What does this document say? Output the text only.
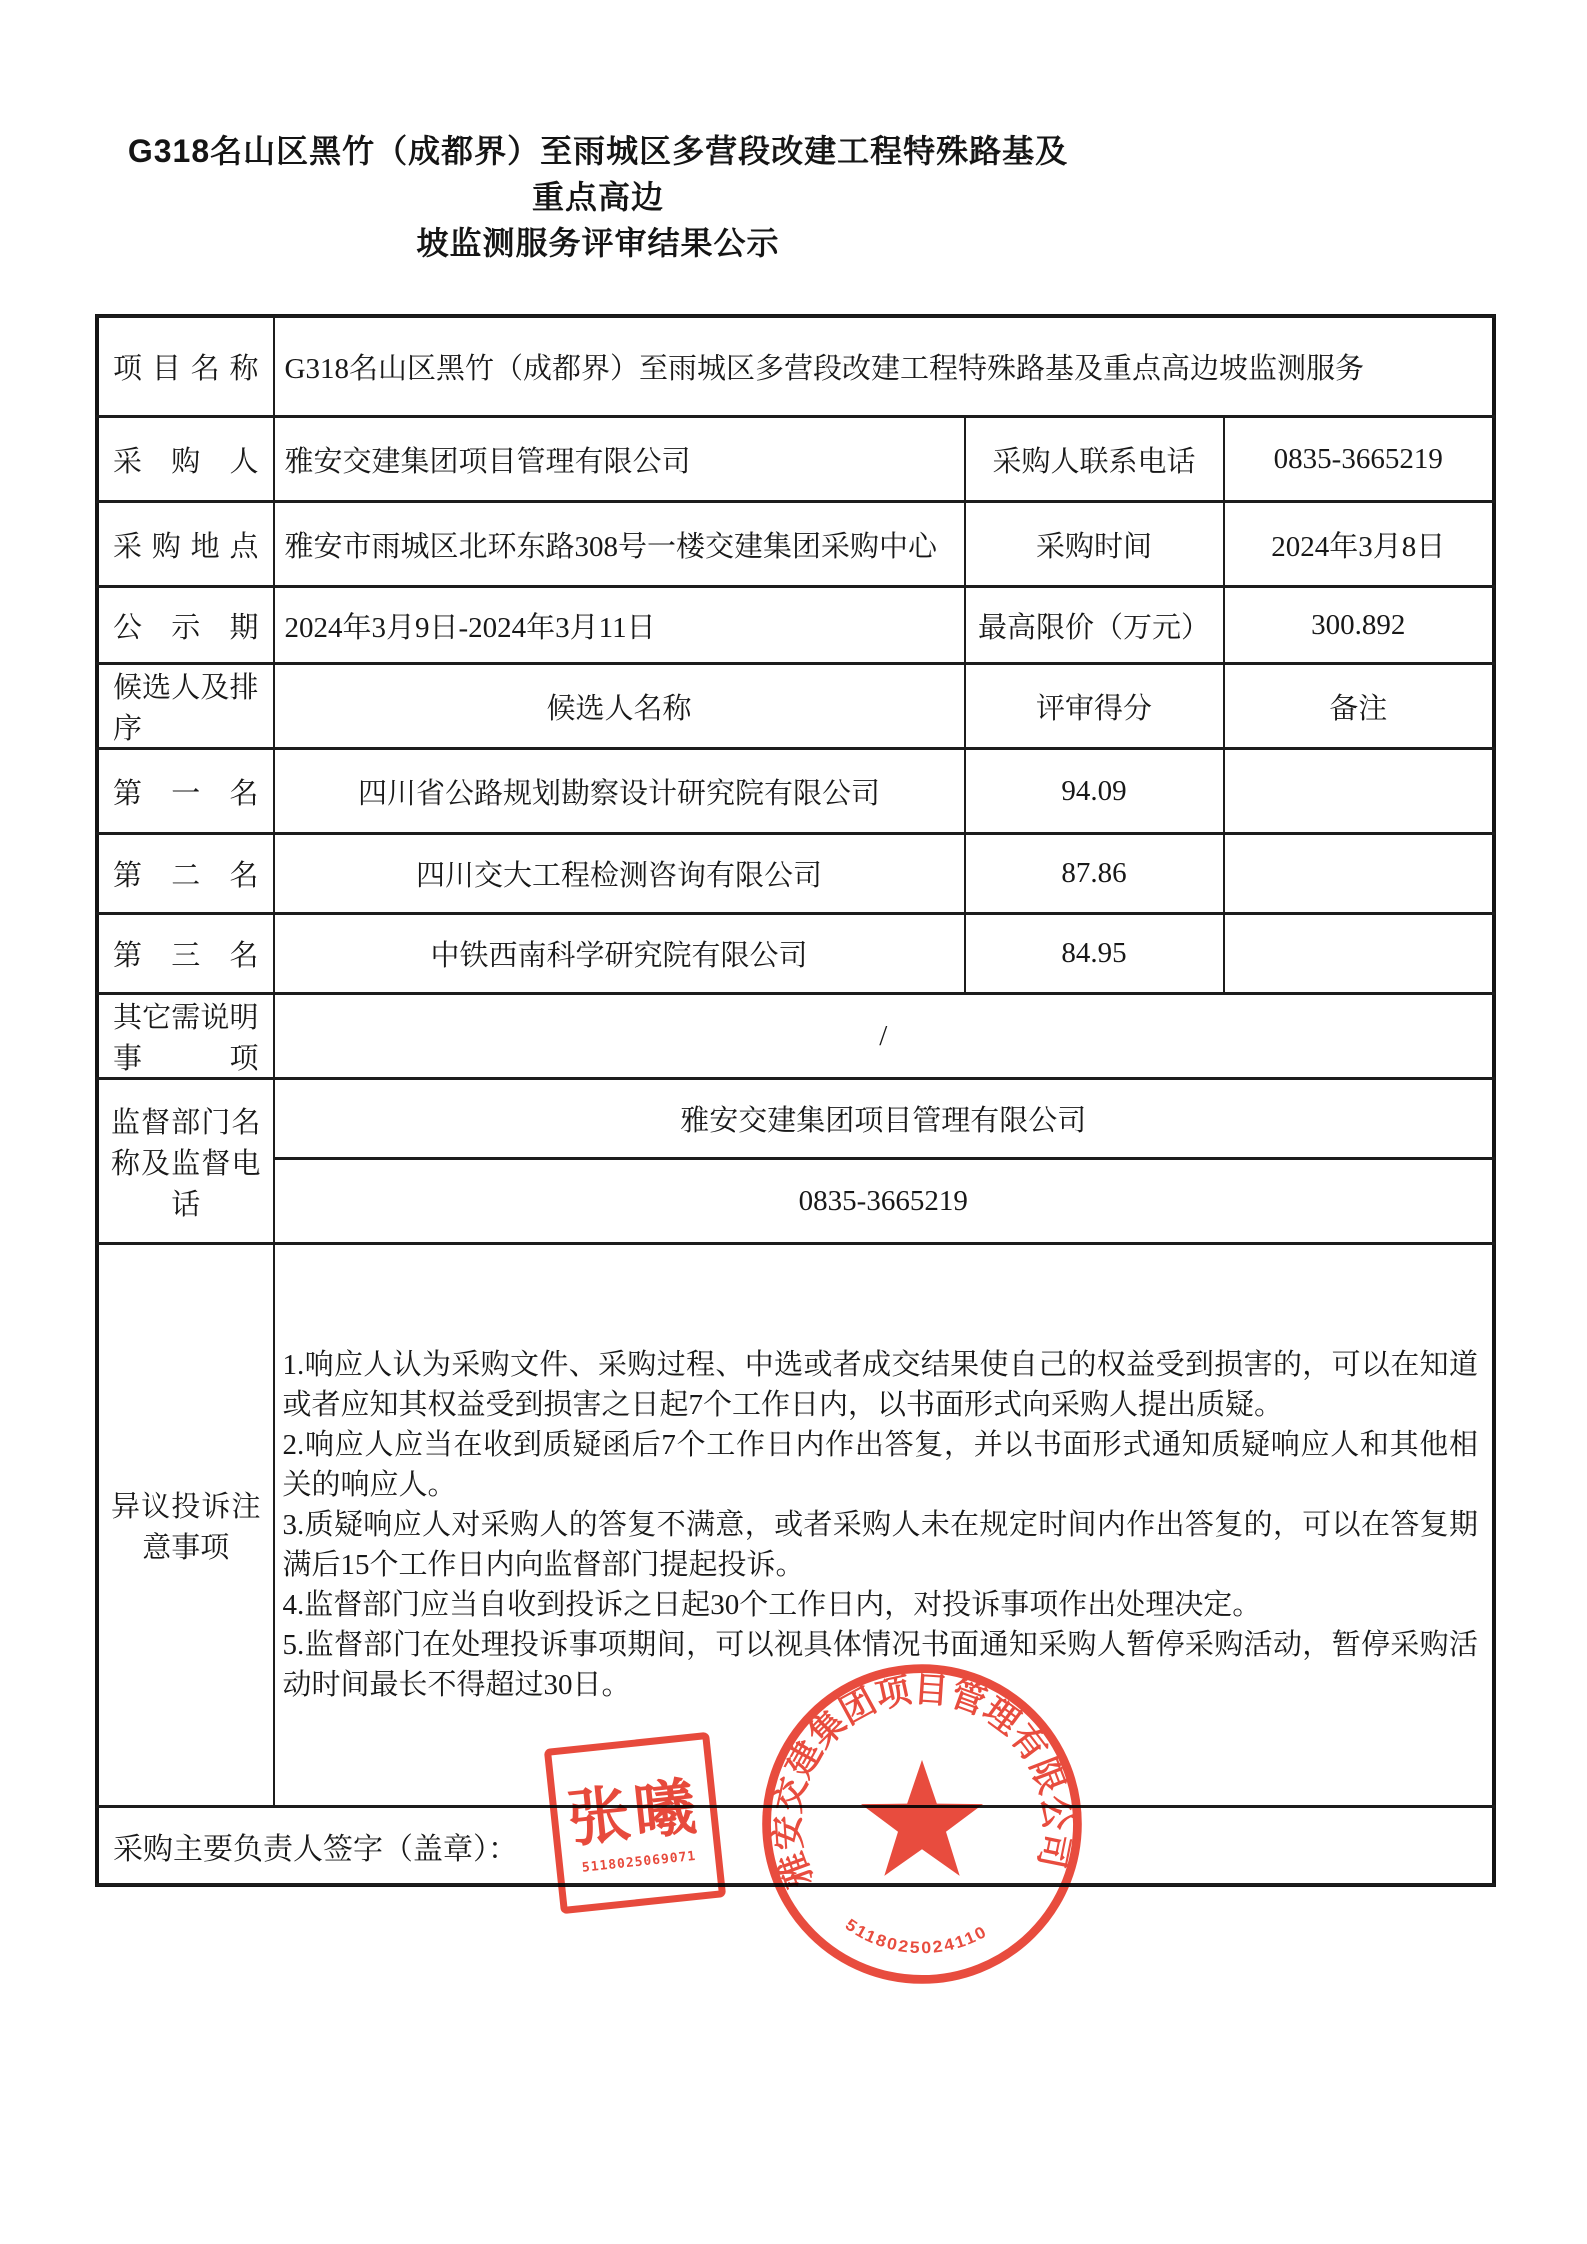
G318名山区黑竹（成都界）至雨城区多营段改建工程特殊路基及重点高边
坡监测服务评审结果公示
项目名称	G318名山区黑竹（成都界）至雨城区多营段改建工程特殊路基及重点高边坡监测服务		
采购人	雅安交建集团项目管理有限公司	采购人联系电话	0835-3665219
采购地点	雅安市雨城区北环东路308号一楼交建集团采购中心	采购时间	2024年3月8日
公示期	2024年3月9日-2024年3月11日	最高限价（万元）	300.892
候选人及排序	候选人名称	评审得分	备注
第一名	四川省公路规划勘察设计研究院有限公司	94.09	
第二名	四川交大工程检测咨询有限公司	87.86	
第三名	中铁西南科学研究院有限公司	84.95	
其它需说明事项	/		
监督部门名称及监督电话	雅安交建集团项目管理有限公司		
	0835-3665219		
异议投诉注意事项	1.响应人认为采购文件、采购过程、中选或者成交结果使自己的权益受到损害的，可以在知道或者应知其权益受到损害之日起7个工作日内，以书面形式向采购人提出质疑。

2.响应人应当在收到质疑函后7个工作日内作出答复，并以书面形式通知质疑响应人和其他相关的响应人。

3.质疑响应人对采购人的答复不满意，或者采购人未在规定时间内作出答复的，可以在答复期满后15个工作日内向监督部门提起投诉。

4.监督部门应当自收到投诉之日起30个工作日内，对投诉事项作出处理决定。

5.监督部门在处理投诉事项期间，可以视具体情况书面通知采购人暂停采购活动，暂停采购活动时间最长不得超过30日。		

采购主要负责人签字（盖章）：			张曦
5118025069071 雅安交建集团项目管理有限公司
5118025024110
